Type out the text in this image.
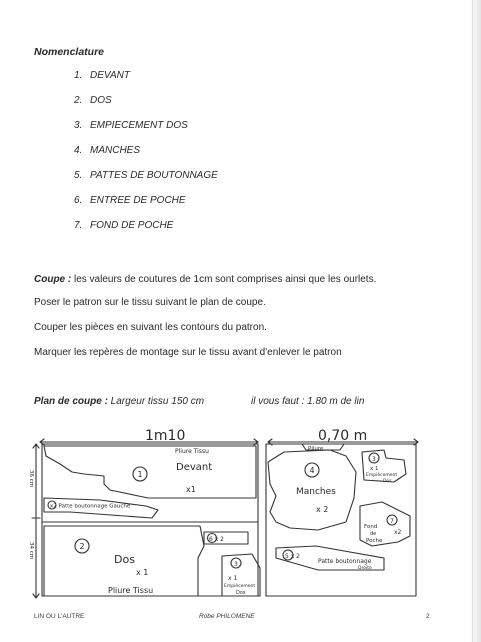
Nomenclature
1. DEVANT
2. DOS
3. EMPIECEMENT DOS
4. MANCHES
5. PATTES DE BOUTONNAGE
6. ENTREE DE POCHE
7. FOND DE POCHE
Coupe : les valeurs de coutures de 1cm sont comprises ainsi que les ourlets.
Poser le patron sur le tissu suivant le plan de coupe.
Couper les pièces en suivant les contours du patron.
Marquer les repères de montage sur le tissu avant d'enlever le patron
Plan de coupe : Largeur tissu 150 cm	il vous faut : 1.80 m de lin
1m10	0,70 m
36 cm
34 cm
Pliure Tissu	Pliure
Pliure Tissu
1
Devant
x1
x2 Patte boutonnage Gauche
2
Dos
x 1
6 x 2
3
x 1
Empiècement
Dos
4
Manches
x 2
3
x 1
Empiècement
Dos
7
Fond
de
Poche
x2
5 x 2
Patte boutonnage
Droite
LIN OU L'AUTRE	Robe PHILOMENE	2
